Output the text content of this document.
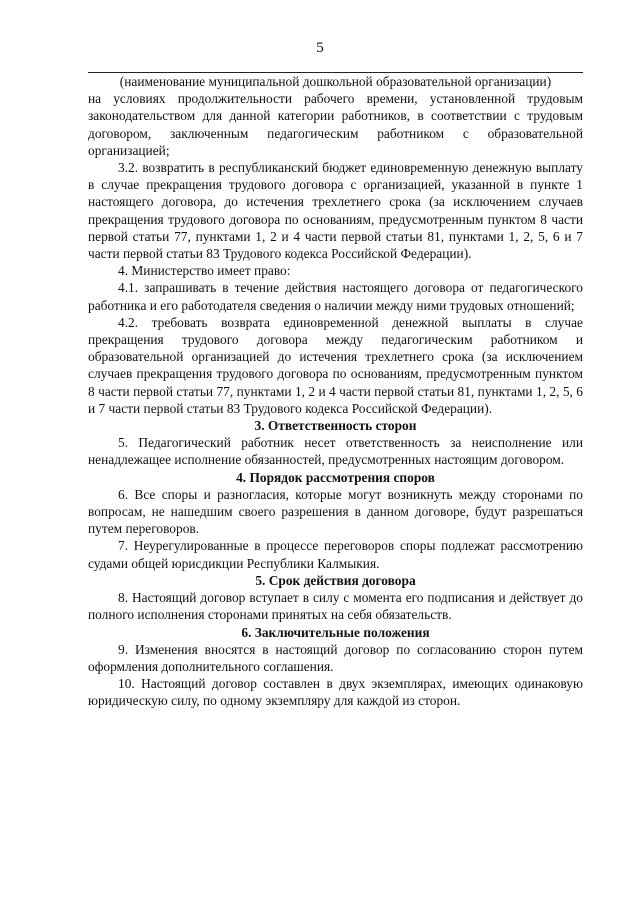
5

(наименование муниципальной дошкольной образовательной организации)

на условиях продолжительности рабочего времени, установленной трудовым законодательством для данной категории работников, в соответствии с трудовым договором, заключенным педагогическим работником с образовательной организацией;

3.2. возвратить в республиканский бюджет единовременную денежную выплату в случае прекращения трудового договора с организацией, указанной в пункте 1 настоящего договора, до истечения трехлетнего срока (за исключением случаев прекращения трудового договора по основаниям, предусмотренным пунктом 8 части первой статьи 77, пунктами 1, 2 и 4 части первой статьи 81, пунктами 1, 2, 5, 6 и 7 части первой статьи 83 Трудового кодекса Российской Федерации).

4. Министерство имеет право:

4.1. запрашивать в течение действия настоящего договора от педагогического работника и его работодателя сведения о наличии между ними трудовых отношений;

4.2. требовать возврата единовременной денежной выплаты в случае прекращения трудового договора между педагогическим работником и образовательной организацией до истечения трехлетнего срока (за исключением случаев прекращения трудового договора по основаниям, предусмотренным пунктом 8 части первой статьи 77, пунктами 1, 2 и 4 части первой статьи 81, пунктами 1, 2, 5, 6 и 7 части первой статьи 83 Трудового кодекса Российской Федерации).

3. Ответственность сторон

5. Педагогический работник несет ответственность за неисполнение или ненадлежащее исполнение обязанностей, предусмотренных настоящим договором.

4. Порядок рассмотрения споров

6. Все споры и разногласия, которые могут возникнуть между сторонами по вопросам, не нашедшим своего разрешения в данном договоре, будут разрешаться путем переговоров.

7. Неурегулированные в процессе переговоров споры подлежат рассмотрению судами общей юрисдикции Республики Калмыкия.

5. Срок действия договора

8. Настоящий договор вступает в силу с момента его подписания и действует до полного исполнения сторонами принятых на себя обязательств.

6. Заключительные положения

9. Изменения вносятся в настоящий договор по согласованию сторон путем оформления дополнительного соглашения.

10. Настоящий договор составлен в двух экземплярах, имеющих одинаковую юридическую силу, по одному экземпляру для каждой из сторон.
